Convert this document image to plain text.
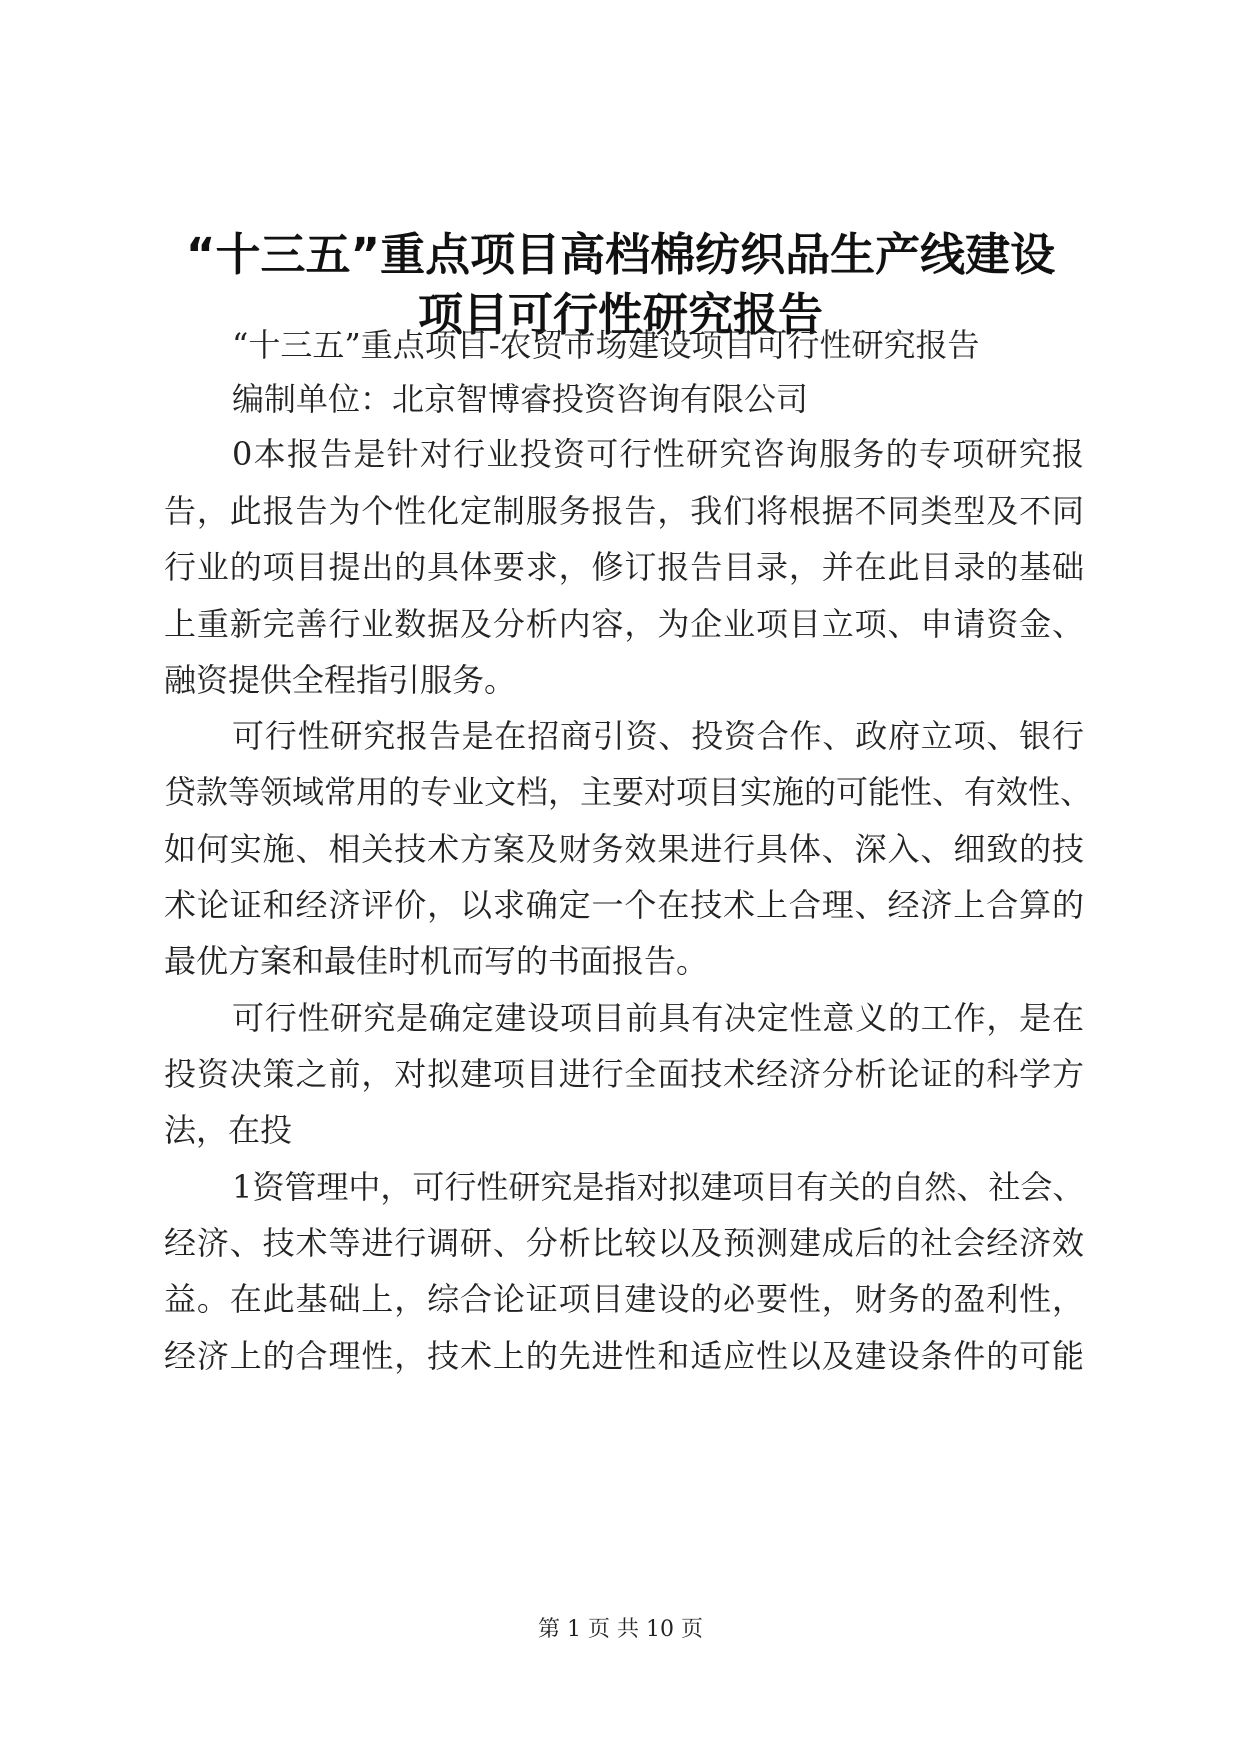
“十三五”重点项目高档棉纺织品生产线建设
项目可行性研究报告
“十三五”重点项目-农贸市场建设项目可行性研究报告
编制单位：北京智博睿投资咨询有限公司
0本报告是针对行业投资可行性研究咨询服务的专项研究报
告，此报告为个性化定制服务报告，我们将根据不同类型及不同
行业的项目提出的具体要求，修订报告目录，并在此目录的基础
上重新完善行业数据及分析内容，为企业项目立项、申请资金、
融资提供全程指引服务。
可行性研究报告是在招商引资、投资合作、政府立项、银行
贷款等领域常用的专业文档，主要对项目实施的可能性、有效性、
如何实施、相关技术方案及财务效果进行具体、深入、细致的技
术论证和经济评价，以求确定一个在技术上合理、经济上合算的
最优方案和最佳时机而写的书面报告。
可行性研究是确定建设项目前具有决定性意义的工作，是在
投资决策之前，对拟建项目进行全面技术经济分析论证的科学方
法，在投
1资管理中，可行性研究是指对拟建项目有关的自然、社会、
经济、技术等进行调研、分析比较以及预测建成后的社会经济效
益。在此基础上，综合论证项目建设的必要性，财务的盈利性，
经济上的合理性，技术上的先进性和适应性以及建设条件的可能
第 1 页 共 10 页
